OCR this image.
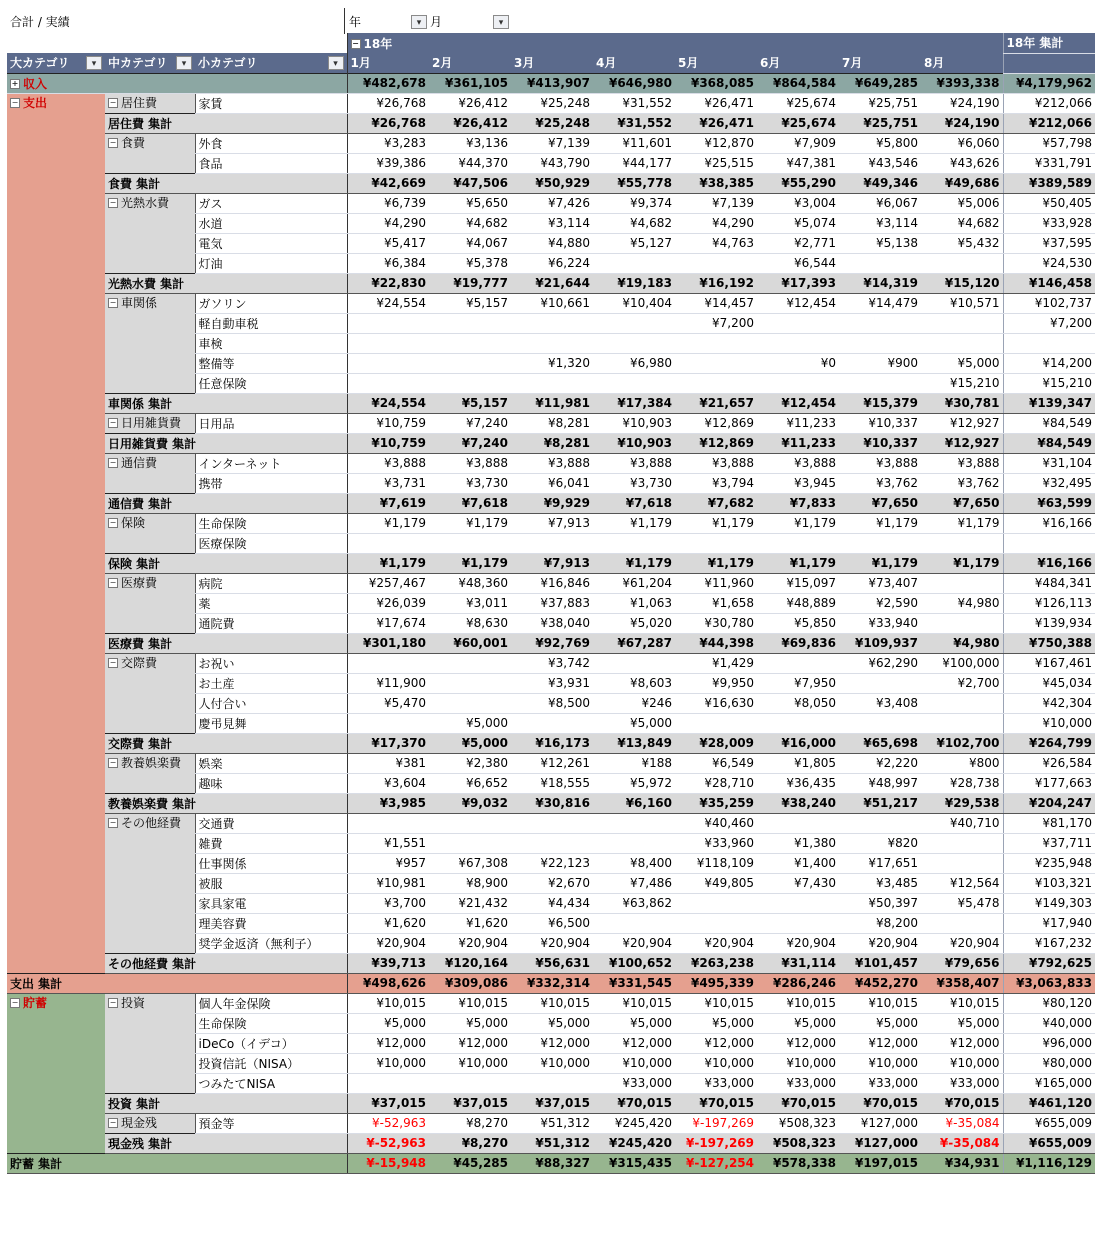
合計 / 実績	年	▾ 月	▾
			− 18年								18年 集計
大カテゴリ ▾	中カテゴリ ▾	小カテゴリ ▾	1月	2月	3月	4月	5月	6月	7月	8月	
+ 収入			¥482,678	¥361,105	¥413,907	¥646,980	¥368,085	¥864,584	¥649,285	¥393,338	¥4,179,962
− 支出	− 居住費	家賃	¥26,768	¥26,412	¥25,248	¥31,552	¥26,471	¥25,674	¥25,751	¥24,190	¥212,066
	居住費 集計		¥26,768	¥26,412	¥25,248	¥31,552	¥26,471	¥25,674	¥25,751	¥24,190	¥212,066
	− 食費	外食	¥3,283	¥3,136	¥7,139	¥11,601	¥12,870	¥7,909	¥5,800	¥6,060	¥57,798
		食品	¥39,386	¥44,370	¥43,790	¥44,177	¥25,515	¥47,381	¥43,546	¥43,626	¥331,791
	食費 集計		¥42,669	¥47,506	¥50,929	¥55,778	¥38,385	¥55,290	¥49,346	¥49,686	¥389,589
	− 光熱水費	ガス	¥6,739	¥5,650	¥7,426	¥9,374	¥7,139	¥3,004	¥6,067	¥5,006	¥50,405
		水道	¥4,290	¥4,682	¥3,114	¥4,682	¥4,290	¥5,074	¥3,114	¥4,682	¥33,928
		電気	¥5,417	¥4,067	¥4,880	¥5,127	¥4,763	¥2,771	¥5,138	¥5,432	¥37,595
		灯油	¥6,384	¥5,378	¥6,224			¥6,544			¥24,530
	光熱水費 集計		¥22,830	¥19,777	¥21,644	¥19,183	¥16,192	¥17,393	¥14,319	¥15,120	¥146,458
	− 車関係	ガソリン	¥24,554	¥5,157	¥10,661	¥10,404	¥14,457	¥12,454	¥14,479	¥10,571	¥102,737
		軽自動車税					¥7,200				¥7,200
		車検									
		整備等			¥1,320	¥6,980		¥0	¥900	¥5,000	¥14,200
		任意保険								¥15,210	¥15,210
	車関係 集計		¥24,554	¥5,157	¥11,981	¥17,384	¥21,657	¥12,454	¥15,379	¥30,781	¥139,347
	− 日用雑貨費	日用品	¥10,759	¥7,240	¥8,281	¥10,903	¥12,869	¥11,233	¥10,337	¥12,927	¥84,549
	日用雑貨費 集計		¥10,759	¥7,240	¥8,281	¥10,903	¥12,869	¥11,233	¥10,337	¥12,927	¥84,549
	− 通信費	インターネット	¥3,888	¥3,888	¥3,888	¥3,888	¥3,888	¥3,888	¥3,888	¥3,888	¥31,104
		携帯	¥3,731	¥3,730	¥6,041	¥3,730	¥3,794	¥3,945	¥3,762	¥3,762	¥32,495
	通信費 集計		¥7,619	¥7,618	¥9,929	¥7,618	¥7,682	¥7,833	¥7,650	¥7,650	¥63,599
	− 保険	生命保険	¥1,179	¥1,179	¥7,913	¥1,179	¥1,179	¥1,179	¥1,179	¥1,179	¥16,166
		医療保険									
	保険 集計		¥1,179	¥1,179	¥7,913	¥1,179	¥1,179	¥1,179	¥1,179	¥1,179	¥16,166
	− 医療費	病院	¥257,467	¥48,360	¥16,846	¥61,204	¥11,960	¥15,097	¥73,407		¥484,341
		薬	¥26,039	¥3,011	¥37,883	¥1,063	¥1,658	¥48,889	¥2,590	¥4,980	¥126,113
		通院費	¥17,674	¥8,630	¥38,040	¥5,020	¥30,780	¥5,850	¥33,940		¥139,934
	医療費 集計		¥301,180	¥60,001	¥92,769	¥67,287	¥44,398	¥69,836	¥109,937	¥4,980	¥750,388
	− 交際費	お祝い			¥3,742		¥1,429		¥62,290	¥100,000	¥167,461
		お土産	¥11,900		¥3,931	¥8,603	¥9,950	¥7,950		¥2,700	¥45,034
		人付合い	¥5,470		¥8,500	¥246	¥16,630	¥8,050	¥3,408		¥42,304
		慶弔見舞		¥5,000		¥5,000					¥10,000
	交際費 集計		¥17,370	¥5,000	¥16,173	¥13,849	¥28,009	¥16,000	¥65,698	¥102,700	¥264,799
	− 教養娯楽費	娯楽	¥381	¥2,380	¥12,261	¥188	¥6,549	¥1,805	¥2,220	¥800	¥26,584
		趣味	¥3,604	¥6,652	¥18,555	¥5,972	¥28,710	¥36,435	¥48,997	¥28,738	¥177,663
	教養娯楽費 集計		¥3,985	¥9,032	¥30,816	¥6,160	¥35,259	¥38,240	¥51,217	¥29,538	¥204,247
	− その他経費	交通費					¥40,460			¥40,710	¥81,170
		雑費	¥1,551				¥33,960	¥1,380	¥820		¥37,711
		仕事関係	¥957	¥67,308	¥22,123	¥8,400	¥118,109	¥1,400	¥17,651		¥235,948
		被服	¥10,981	¥8,900	¥2,670	¥7,486	¥49,805	¥7,430	¥3,485	¥12,564	¥103,321
		家具家電	¥3,700	¥21,432	¥4,434	¥63,862			¥50,397	¥5,478	¥149,303
		理美容費	¥1,620	¥1,620	¥6,500				¥8,200		¥17,940
		奨学金返済（無利子）	¥20,904	¥20,904	¥20,904	¥20,904	¥20,904	¥20,904	¥20,904	¥20,904	¥167,232
	その他経費 集計		¥39,713	¥120,164	¥56,631	¥100,652	¥263,238	¥31,114	¥101,457	¥79,656	¥792,625
支出 集計			¥498,626	¥309,086	¥332,314	¥331,545	¥495,339	¥286,246	¥452,270	¥358,407	¥3,063,833
− 貯蓄	− 投資	個人年金保険	¥10,015	¥10,015	¥10,015	¥10,015	¥10,015	¥10,015	¥10,015	¥10,015	¥80,120
		生命保険	¥5,000	¥5,000	¥5,000	¥5,000	¥5,000	¥5,000	¥5,000	¥5,000	¥40,000
		iDeCo（イデコ）	¥12,000	¥12,000	¥12,000	¥12,000	¥12,000	¥12,000	¥12,000	¥12,000	¥96,000
		投資信託（NISA）	¥10,000	¥10,000	¥10,000	¥10,000	¥10,000	¥10,000	¥10,000	¥10,000	¥80,000
		つみたてNISA				¥33,000	¥33,000	¥33,000	¥33,000	¥33,000	¥165,000
	投資 集計		¥37,015	¥37,015	¥37,015	¥70,015	¥70,015	¥70,015	¥70,015	¥70,015	¥461,120
	− 現金残	預金等	¥-52,963	¥8,270	¥51,312	¥245,420	¥-197,269	¥508,323	¥127,000	¥-35,084	¥655,009
	現金残 集計		¥-52,963	¥8,270	¥51,312	¥245,420	¥-197,269	¥508,323	¥127,000	¥-35,084	¥655,009
貯蓄 集計			¥-15,948	¥45,285	¥88,327	¥315,435	¥-127,254	¥578,338	¥197,015	¥34,931	¥1,116,129
